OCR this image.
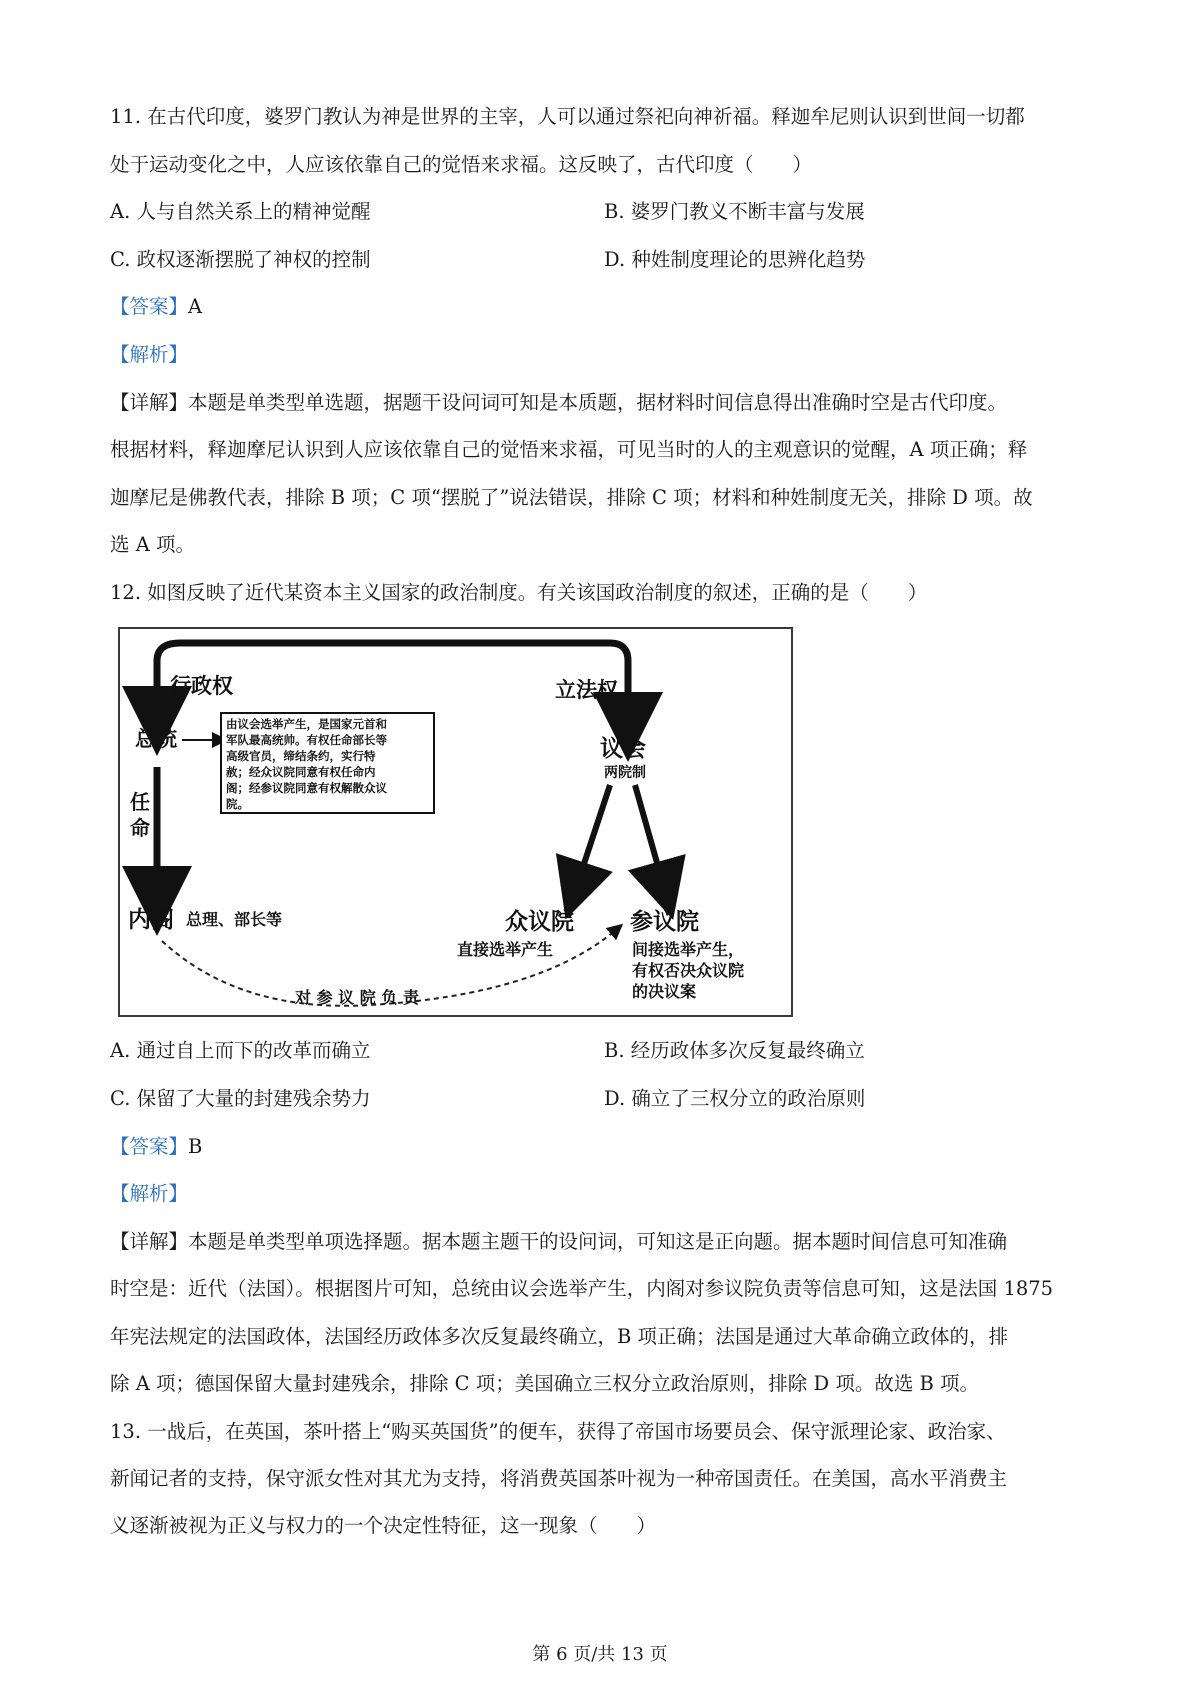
11. 在古代印度，婆罗门教认为神是世界的主宰，人可以通过祭祀向神祈福。释迦牟尼则认识到世间一切都
处于运动变化之中，人应该依靠自己的觉悟来求福。这反映了，古代印度（　　）
A. 人与自然关系上的精神觉醒	B. 婆罗门教义不断丰富与发展
C. 政权逐渐摆脱了神权的控制	D. 种姓制度理论的思辨化趋势
【答案】A
【解析】
【详解】本题是单类型单选题，据题干设问词可知是本质题，据材料时间信息得出准确时空是古代印度。
根据材料，释迦摩尼认识到人应该依靠自己的觉悟来求福，可见当时的人的主观意识的觉醒，A 项正确；释
迦摩尼是佛教代表，排除 B 项；C 项“摆脱了”说法错误，排除 C 项；材料和种姓制度无关，排除 D 项。故
选 A 项。
12. 如图反映了近代某资本主义国家的政治制度。有关该国政治制度的叙述，正确的是（　　）
行政权	立法权
总统
由议会选举产生，是国家元首和
军队最高统帅。有权任命部长等
高级官员，缔结条约，实行特
赦；经众议院同意有权任命内
阁；经参议院同意有权解散众议
院。
任
命
议会
两院制
内阁 总理、部长等	众议院
直接选举产生
参议院
间接选举产生，
有权否决众议院
的决议案
对 参 议 院 负 责
A. 通过自上而下的改革而确立	B. 经历政体多次反复最终确立
C. 保留了大量的封建残余势力	D. 确立了三权分立的政治原则
【答案】B
【解析】
【详解】本题是单类型单项选择题。据本题主题干的设问词，可知这是正向题。据本题时间信息可知准确
时空是：近代（法国）。根据图片可知，总统由议会选举产生，内阁对参议院负责等信息可知，这是法国 1875
年宪法规定的法国政体，法国经历政体多次反复最终确立，B 项正确；法国是通过大革命确立政体的，排
除 A 项；德国保留大量封建残余，排除 C 项；美国确立三权分立政治原则，排除 D 项。故选 B 项。
13. 一战后，在英国，茶叶搭上“购买英国货”的便车，获得了帝国市场要员会、保守派理论家、政治家、
新闻记者的支持，保守派女性对其尤为支持，将消费英国茶叶视为一种帝国责任。在美国，高水平消费主
义逐渐被视为正义与权力的一个决定性特征，这一现象（　　）
第 6 页/共 13 页
